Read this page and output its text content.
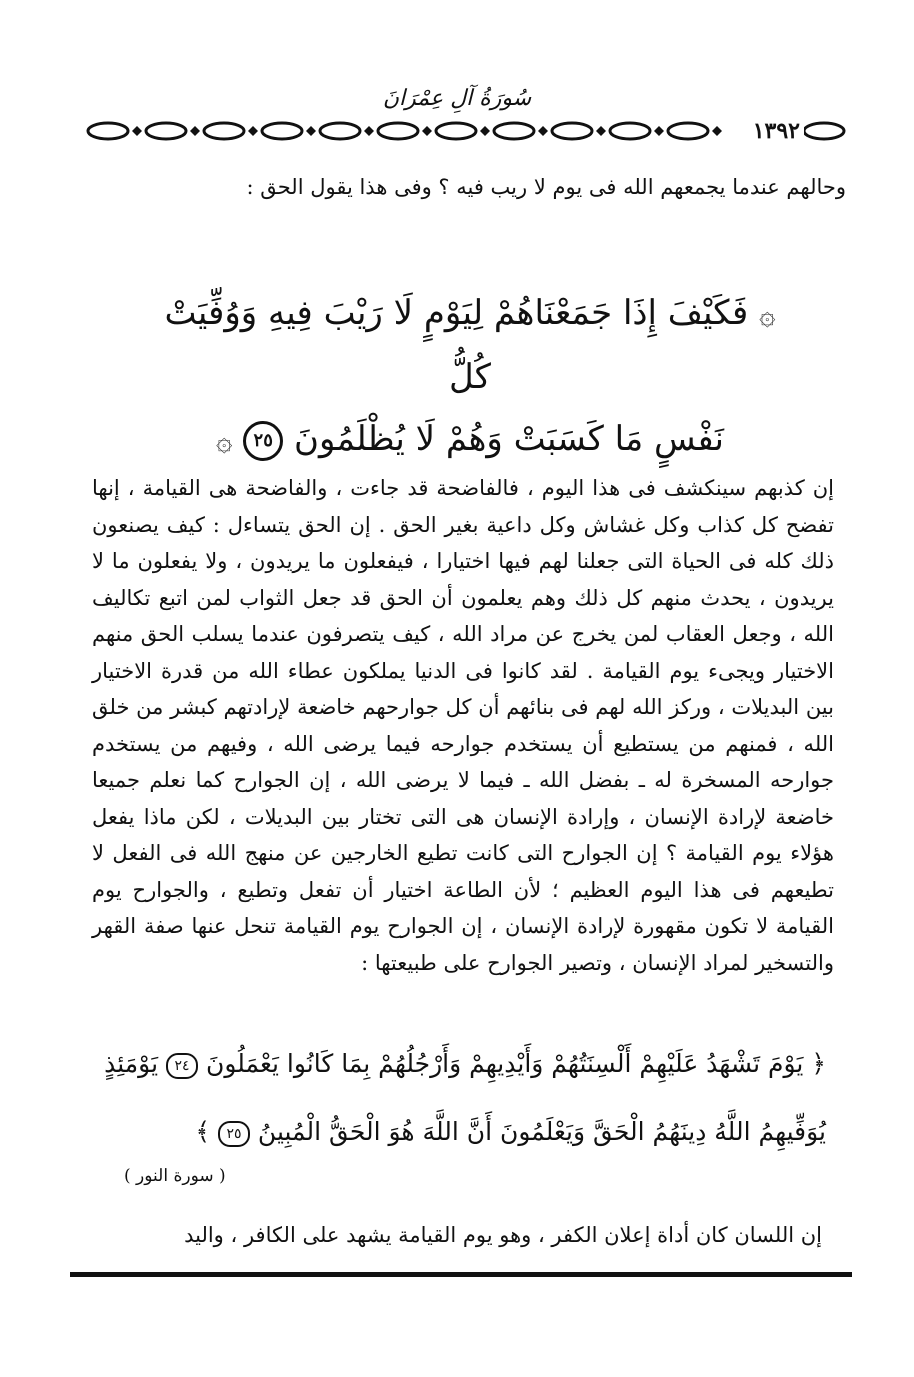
سُورَةُ آلِ عِمْرَانَ
١٣٩٢
وحالهم عندما يجمعهم الله فى يوم لا ريب فيه ؟ وفى هذا يقول الحق :
۞ فَكَيْفَ إِذَا جَمَعْنَاهُمْ لِيَوْمٍ لَا رَيْبَ فِيهِ وَوُفِّيَتْ كُلُّ
نَفْسٍ مَا كَسَبَتْ وَهُمْ لَا يُظْلَمُونَ ٢٥ ۞
إن كذبهم سينكشف فى هذا اليوم ، فالفاضحة قد جاءت ، والفاضحة هى القيامة ، إنها تفضح كل كذاب وكل غشاش وكل داعية بغير الحق . إن الحق يتساءل : كيف يصنعون ذلك كله فى الحياة التى جعلنا لهم فيها اختيارا ، فيفعلون ما يريدون ، ولا يفعلون ما لا يريدون ، يحدث منهم كل ذلك وهم يعلمون أن الحق قد جعل الثواب لمن اتبع تكاليف الله ، وجعل العقاب لمن يخرج عن مراد الله ، كيف يتصرفون عندما يسلب الحق منهم الاختيار ويجىء يوم القيامة . لقد كانوا فى الدنيا يملكون عطاء الله من قدرة الاختيار بين البديلات ، وركز الله لهم فى بنائهم أن كل جوارحهم خاضعة لإرادتهم كبشر من خلق الله ، فمنهم من يستطيع أن يستخدم جوارحه فيما يرضى الله ، وفيهم من يستخدم جوارحه المسخرة له ـ بفضل الله ـ فيما لا يرضى الله ، إن الجوارح كما نعلم جميعا خاضعة لإرادة الإنسان ، وإرادة الإنسان هى التى تختار بين البديلات ، لكن ماذا يفعل هؤلاء يوم القيامة ؟ إن الجوارح التى كانت تطيع الخارجين عن منهج الله فى الفعل لا تطيعهم فى هذا اليوم العظيم ؛ لأن الطاعة اختيار أن تفعل وتطيع ، والجوارح يوم القيامة لا تكون مقهورة لإرادة الإنسان ، إن الجوارح يوم القيامة تنحل عنها صفة القهر والتسخير لمراد الإنسان ، وتصير الجوارح على طبيعتها :
﴿ يَوْمَ تَشْهَدُ عَلَيْهِمْ أَلْسِنَتُهُمْ وَأَيْدِيهِمْ وَأَرْجُلُهُمْ بِمَا كَانُوا يَعْمَلُونَ ٢٤ يَوْمَئِذٍ
يُوَفِّيهِمُ اللَّهُ دِينَهُمُ الْحَقَّ وَيَعْلَمُونَ أَنَّ اللَّهَ هُوَ الْحَقُّ الْمُبِينُ ٢٥ ﴾
( سورة النور )
إن اللسان كان أداة إعلان الكفر ، وهو يوم القيامة يشهد على الكافر ، واليد
